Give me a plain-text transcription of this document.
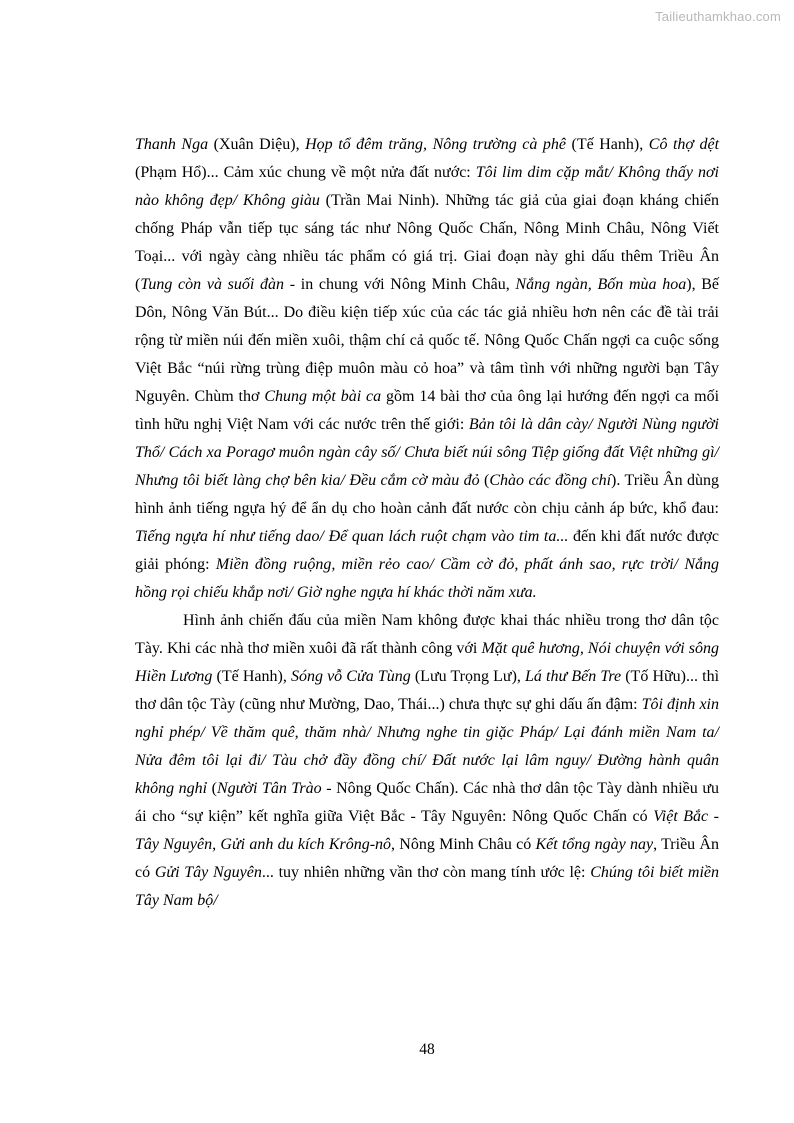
Tailieuthamkhao.com

Thanh Nga (Xuân Diệu), Họp tổ đêm trăng, Nông trường cà phê (Tế Hanh), Cô thợ dệt (Phạm Hổ)... Cảm xúc chung về một nửa đất nước: Tôi lim dim cặp mắt/ Không thấy nơi nào không đẹp/ Không giàu (Trần Mai Ninh). Những tác giả của giai đoạn kháng chiến chống Pháp vẫn tiếp tục sáng tác như Nông Quốc Chấn, Nông Minh Châu, Nông Viết Toại... với ngày càng nhiều tác phẩm có giá trị. Giai đoạn này ghi dấu thêm Triều Ân (Tung còn và suối đàn - in chung với Nông Minh Châu, Nắng ngàn, Bốn mùa hoa), Bế Dôn, Nông Văn Bút... Do điều kiện tiếp xúc của các tác giả nhiều hơn nên các đề tài trải rộng từ miền núi đến miền xuôi, thậm chí cả quốc tế. Nông Quốc Chấn ngợi ca cuộc sống Việt Bắc “núi rừng trùng điệp muôn màu cỏ hoa” và tâm tình với những người bạn Tây Nguyên. Chùm thơ Chung một bài ca gồm 14 bài thơ của ông lại hướng đến ngợi ca mối tình hữu nghị Việt Nam với các nước trên thế giới: Bản tôi là dân cày/ Người Nùng người Thổ/ Cách xa Poragơ muôn ngàn cây số/ Chưa biết núi sông Tiệp giống đất Việt những gì/ Nhưng tôi biết làng chợ bên kia/ Đều cắm cờ màu đỏ (Chào các đồng chí). Triều Ân dùng hình ảnh tiếng ngựa hý để ẩn dụ cho hoàn cảnh đất nước còn chịu cảnh áp bức, khổ đau: Tiếng ngựa hí như tiếng dao/ Để quan lách ruột chạm vào tim ta... đến khi đất nước được giải phóng: Miền đồng ruộng, miền rẻo cao/ Cầm cờ đỏ, phất ánh sao, rực trời/ Nắng hồng rọi chiếu khắp nơi/ Giờ nghe ngựa hí khác thời năm xưa.

Hình ảnh chiến đấu của miền Nam không được khai thác nhiều trong thơ dân tộc Tày. Khi các nhà thơ miền xuôi đã rất thành công với Mặt quê hương, Nói chuyện với sông Hiền Lương (Tế Hanh), Sóng vỗ Cửa Tùng (Lưu Trọng Lư), Lá thư Bến Tre (Tố Hữu)... thì thơ dân tộc Tày (cũng như Mường, Dao, Thái...) chưa thực sự ghi dấu ấn đậm: Tôi định xin nghỉ phép/ Về thăm quê, thăm nhà/ Nhưng nghe tin giặc Pháp/ Lại đánh miền Nam ta/ Nửa đêm tôi lại đi/ Tàu chở đầy đồng chí/ Đất nước lại lâm nguy/ Đường hành quân không nghỉ (Người Tân Trào - Nông Quốc Chấn). Các nhà thơ dân tộc Tày dành nhiều ưu ái cho “sự kiện” kết nghĩa giữa Việt Bắc - Tây Nguyên: Nông Quốc Chấn có Việt Bắc - Tây Nguyên, Gửi anh du kích Krông-nô, Nông Minh Châu có Kết tổng ngày nay, Triều Ân có Gửi Tây Nguyên... tuy nhiên những vần thơ còn mang tính ước lệ: Chúng tôi biết miền Tây Nam bộ/

48
